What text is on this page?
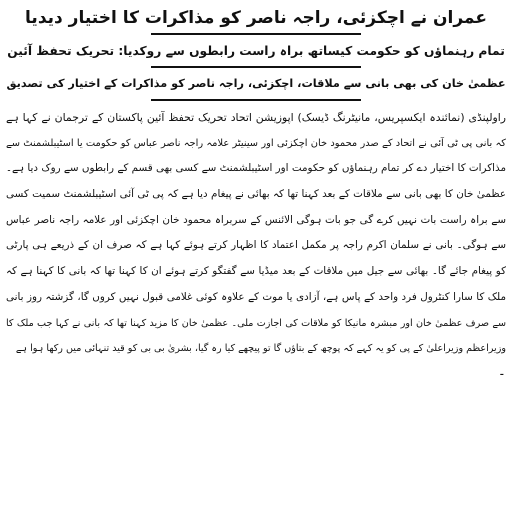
عمران نے اچکزئی، راجہ ناصر کو مذاکرات کا اختیار دیدیا
تمام رہنماؤں کو حکومت کیساتھ براہ راست رابطوں سے روکدیا: تحریک تحفظ آئین
عظمیٰ خان کی بھی بانی سے ملاقات، اچکزئی، راجہ ناصر کو مذاکرات کے اختیار کی تصدیق
راولپنڈی (نمائندہ ایکسپریس، مانیٹرنگ ڈیسک) اپوزیشن اتحاد تحریک تحفظ آئین پاکستان کے ترجمان نے کہا ہے
کہ بانی پی ٹی آئی نے اتحاد کے صدر محمود خان اچکزئی اور سینیٹر علامہ راجہ ناصر عباس کو حکومت یا اسٹیبلشمنٹ سے
مذاکرات کا اختیار دے کر تمام رہنماؤں کو حکومت اور اسٹیبلشمنٹ سے کسی بھی قسم کے رابطوں سے روک دیا ہے۔
عظمیٰ خان کا بھی بانی سے ملاقات کے بعد کہنا تھا کہ بھائی نے پیغام دیا ہے کہ پی ٹی آئی اسٹیبلشمنٹ سمیت کسی
سے براہ راست بات نہیں کرے گی جو بات ہوگی الائنس کے سربراہ محمود خان اچکزئی اور علامہ راجہ ناصر عباس
سے ہوگی۔ بانی نے سلمان اکرم راجہ پر مکمل اعتماد کا اظہار کرتے ہوئے کہا ہے کہ صرف ان کے ذریعے ہی پارٹی
کو پیغام جائے گا۔ بھائی سے جیل میں ملاقات کے بعد میڈیا سے گفتگو کرتے ہوئے ان کا کہنا تھا کہ بانی کا کہنا ہے کہ
ملک کا سارا کنٹرول فرد واحد کے پاس ہے، آزادی یا موت کے علاوہ کوئی غلامی قبول نہیں کروں گا، گزشتہ روز بانی
سے صرف عظمیٰ خان اور مبشرہ مانیکا کو ملاقات کی اجازت ملی۔ عظمیٰ خان کا مزید کہنا تھا کہ بانی نے کہا جب ملک کا
وزیراعظم وزیراعلیٰ کے پی کو یہ کہے کہ پوچھ کے بتاؤں گا تو پیچھے کیا رہ گیا، بشریٰ بی بی کو قید تنہائی میں رکھا ہوا ہے
۔
